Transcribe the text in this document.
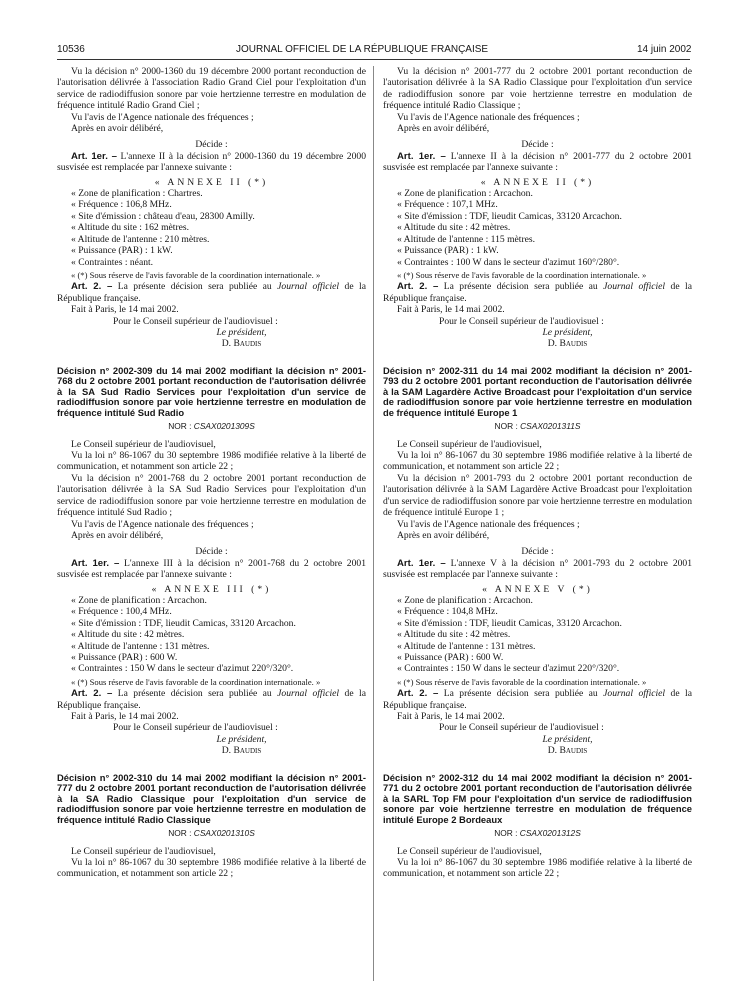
10536	JOURNAL OFFICIEL DE LA RÉPUBLIQUE FRANÇAISE	14 juin 2002

Vu la décision n° 2000-1360 du 19 décembre 2000 portant reconduction de l'autorisation délivrée à l'association Radio Grand Ciel pour l'exploitation d'un service de radiodiffusion sonore par voie hertzienne terrestre en modulation de fréquence intitulé Radio Grand Ciel ;

Vu l'avis de l'Agence nationale des fréquences ;

Après en avoir délibéré,

Décide :

Art. 1er. – L'annexe II à la décision n° 2000-1360 du 19 décembre 2000 susvisée est remplacée par l'annexe suivante :

« ANNEXE II (*)

« Zone de planification : Chartres.

« Fréquence : 106,8 MHz.

« Site d'émission : château d'eau, 28300 Amilly.

« Altitude du site : 162 mètres.

« Altitude de l'antenne : 210 mètres.

« Puissance (PAR) : 1 kW.

« Contraintes : néant.

« (*) Sous réserve de l'avis favorable de la coordination internationale. »

Art. 2. – La présente décision sera publiée au Journal officiel de la République française.

Fait à Paris, le 14 mai 2002.

Pour le Conseil supérieur de l'audiovisuel :

Le président,

D. Baudis

Décision n° 2002-309 du 14 mai 2002 modifiant la décision n° 2001-768 du 2 octobre 2001 portant reconduction de l'autorisation délivrée à la SA Sud Radio Services pour l'exploitation d'un service de radiodiffusion sonore par voie hertzienne terrestre en modulation de fréquence intitulé Sud Radio

NOR : CSAX0201309S

Le Conseil supérieur de l'audiovisuel,

Vu la loi n° 86-1067 du 30 septembre 1986 modifiée relative à la liberté de communication, et notamment son article 22 ;

Vu la décision n° 2001-768 du 2 octobre 2001 portant reconduction de l'autorisation délivrée à la SA Sud Radio Services pour l'exploitation d'un service de radiodiffusion sonore par voie hertzienne terrestre en modulation de fréquence intitulé Sud Radio ;

Vu l'avis de l'Agence nationale des fréquences ;

Après en avoir délibéré,

Décide :

Art. 1er. – L'annexe III à la décision n° 2001-768 du 2 octobre 2001 susvisée est remplacée par l'annexe suivante :

« ANNEXE III (*)

« Zone de planification : Arcachon.

« Fréquence : 100,4 MHz.

« Site d'émission : TDF, lieudit Camicas, 33120 Arcachon.

« Altitude du site : 42 mètres.

« Altitude de l'antenne : 131 mètres.

« Puissance (PAR) : 600 W.

« Contraintes : 150 W dans le secteur d'azimut 220°/320°.

« (*) Sous réserve de l'avis favorable de la coordination internationale. »

Art. 2. – La présente décision sera publiée au Journal officiel de la République française.

Fait à Paris, le 14 mai 2002.

Pour le Conseil supérieur de l'audiovisuel :

Le président,

D. Baudis

Décision n° 2002-310 du 14 mai 2002 modifiant la décision n° 2001-777 du 2 octobre 2001 portant reconduction de l'autorisation délivrée à la SA Radio Classique pour l'exploitation d'un service de radiodiffusion sonore par voie hertzienne terrestre en modulation de fréquence intitulé Radio Classique

NOR : CSAX0201310S

Le Conseil supérieur de l'audiovisuel,

Vu la loi n° 86-1067 du 30 septembre 1986 modifiée relative à la liberté de communication, et notamment son article 22 ;

Vu la décision n° 2001-777 du 2 octobre 2001 portant reconduction de l'autorisation délivrée à la SA Radio Classique pour l'exploitation d'un service de radiodiffusion sonore par voie hertzienne terrestre en modulation de fréquence intitulé Radio Classique ;

Vu l'avis de l'Agence nationale des fréquences ;

Après en avoir délibéré,

Décide :

Art. 1er. – L'annexe II à la décision n° 2001-777 du 2 octobre 2001 susvisée est remplacée par l'annexe suivante :

« ANNEXE II (*)

« Zone de planification : Arcachon.

« Fréquence : 107,1 MHz.

« Site d'émission : TDF, lieudit Camicas, 33120 Arcachon.

« Altitude du site : 42 mètres.

« Altitude de l'antenne : 115 mètres.

« Puissance (PAR) : 1 kW.

« Contraintes : 100 W dans le secteur d'azimut 160°/280°.

« (*) Sous réserve de l'avis favorable de la coordination internationale. »

Art. 2. – La présente décision sera publiée au Journal officiel de la République française.

Fait à Paris, le 14 mai 2002.

Pour le Conseil supérieur de l'audiovisuel :

Le président,

D. Baudis

Décision n° 2002-311 du 14 mai 2002 modifiant la décision n° 2001-793 du 2 octobre 2001 portant reconduction de l'autorisation délivrée à la SAM Lagardère Active Broadcast pour l'exploitation d'un service de radiodiffusion sonore par voie hertzienne terrestre en modulation de fréquence intitulé Europe 1

NOR : CSAX0201311S

Le Conseil supérieur de l'audiovisuel,

Vu la loi n° 86-1067 du 30 septembre 1986 modifiée relative à la liberté de communication, et notamment son article 22 ;

Vu la décision n° 2001-793 du 2 octobre 2001 portant reconduction de l'autorisation délivrée à la SAM Lagardère Active Broadcast pour l'exploitation d'un service de radiodiffusion sonore par voie hertzienne terrestre en modulation de fréquence intitulé Europe 1 ;

Vu l'avis de l'Agence nationale des fréquences ;

Après en avoir délibéré,

Décide :

Art. 1er. – L'annexe V à la décision n° 2001-793 du 2 octobre 2001 susvisée est remplacée par l'annexe suivante :

« ANNEXE V (*)

« Zone de planification : Arcachon.

« Fréquence : 104,8 MHz.

« Site d'émission : TDF, lieudit Camicas, 33120 Arcachon.

« Altitude du site : 42 mètres.

« Altitude de l'antenne : 131 mètres.

« Puissance (PAR) : 600 W.

« Contraintes : 150 W dans le secteur d'azimut 220°/320°.

« (*) Sous réserve de l'avis favorable de la coordination internationale. »

Art. 2. – La présente décision sera publiée au Journal officiel de la République française.

Fait à Paris, le 14 mai 2002.

Pour le Conseil supérieur de l'audiovisuel :

Le président,

D. Baudis

Décision n° 2002-312 du 14 mai 2002 modifiant la décision n° 2001-771 du 2 octobre 2001 portant reconduction de l'autorisation délivrée à la SARL Top FM pour l'exploitation d'un service de radiodiffusion sonore par voie hertzienne terrestre en modulation de fréquence intitulé Europe 2 Bordeaux

NOR : CSAX0201312S

Le Conseil supérieur de l'audiovisuel,

Vu la loi n° 86-1067 du 30 septembre 1986 modifiée relative à la liberté de communication, et notamment son article 22 ;
